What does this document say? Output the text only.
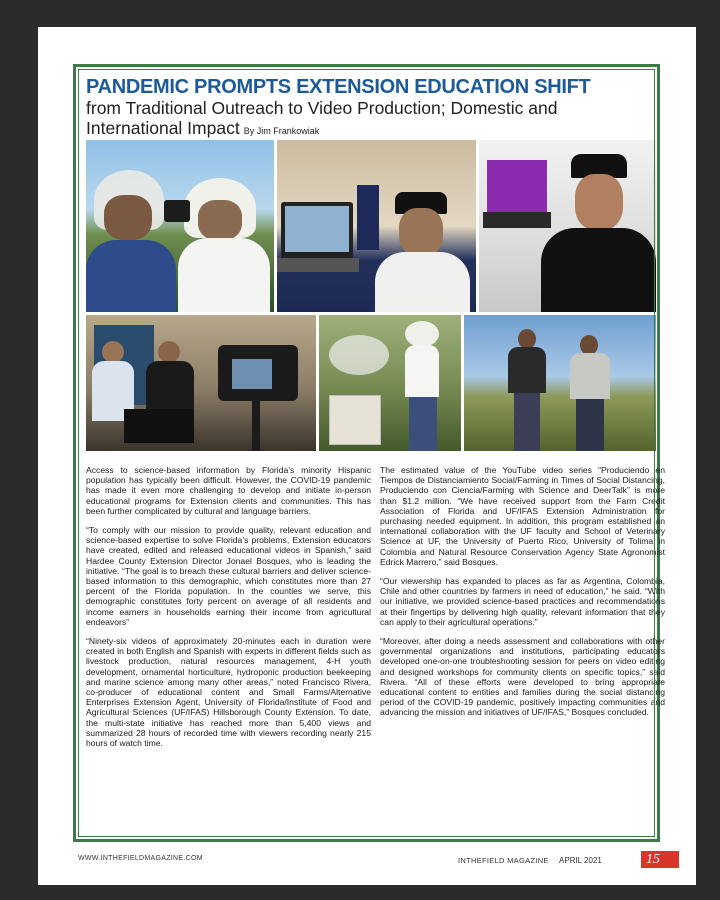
PANDEMIC PROMPTS EXTENSION EDUCATION SHIFT
from Traditional Outreach to Video Production; Domestic and International Impact By Jim Frankowiak

Access to science-based information by Florida’s minority Hispanic population has typically been difficult. However, the COVID-19 pandemic has made it even more challenging to develop and initiate in-person educational programs for Extension clients and communities. This has been further complicated by cultural and language barriers.

“To comply with our mission to provide quality, relevant education and science-based expertise to solve Florida’s problems, Extension educators have created, edited and released educational videos in Spanish,” said Hardee County Extension Director Jonael Bosques, who is leading the initiative. “The goal is to breach these cultural barriers and deliver science-based information to this demographic, which constitutes more than 27 percent of the Florida population. In the counties we serve, this demographic constitutes forty percent on average of all residents and income earners in households earning their income from agricultural endeavors”

“Ninety-six videos of approximately 20-minutes each in duration were created in both English and Spanish with experts in different fields such as livestock production, natural resources management, 4-H youth development, ornamental horticulture, hydroponic production beekeeping and marine science among many other areas,” noted Francisco Rivera, co-producer of educational content and Small Farms/Alternative Enterprises Extension Agent, University of Florida/Institute of Food and Agricultural Sciences (UF/IFAS) Hillsborough County Extension. To date, the multi-state initiative has reached more than 5,400 views and summarized 28 hours of recorded time with viewers recording nearly 215 hours of watch time.

The estimated value of the YouTube video series “Produciendo en Tiempos de Distanciamiento Social/Farming in Times of Social Distancing, Produciendo con Ciencia/Farming with Science and DeerTalk” is more than $1.2 million. “We have received support from the Farm Credit Association of Florida and UF/IFAS Extension Administration for purchasing needed equipment. In addition, this program established an international collaboration with the UF faculty and School of Veterinary Science at UF, the University of Puerto Rico, University of Tolima in Colombia and Natural Resource Conservation Agency State Agronomist Edrick Marrero,” said Bosques.

“Our viewership has expanded to places as far as Argentina, Colombia, Chile and other countries by farmers in need of education,” he said. “With our initiative, we provided science-based practices and recommendations at their fingertips by delivering high quality, relevant information that they can apply to their agricultural operations.”

“Moreover, after doing a needs assessment and collaborations with other governmental organizations and institutions, participating educators developed one-on-one troubleshooting session for peers on video editing and designed workshops for community clients on specific topics,” said Rivera. “All of these efforts were developed to bring appropriate educational content to entities and families during the social distancing period of the COVID-19 pandemic, positively impacting communities and advancing the mission and initiatives of UF/IFAS,” Bosques concluded.

WWW.INTHEFIELDMAGAZINE.COM	INTHEFIELD MAGAZINE APRIL 2021	15
